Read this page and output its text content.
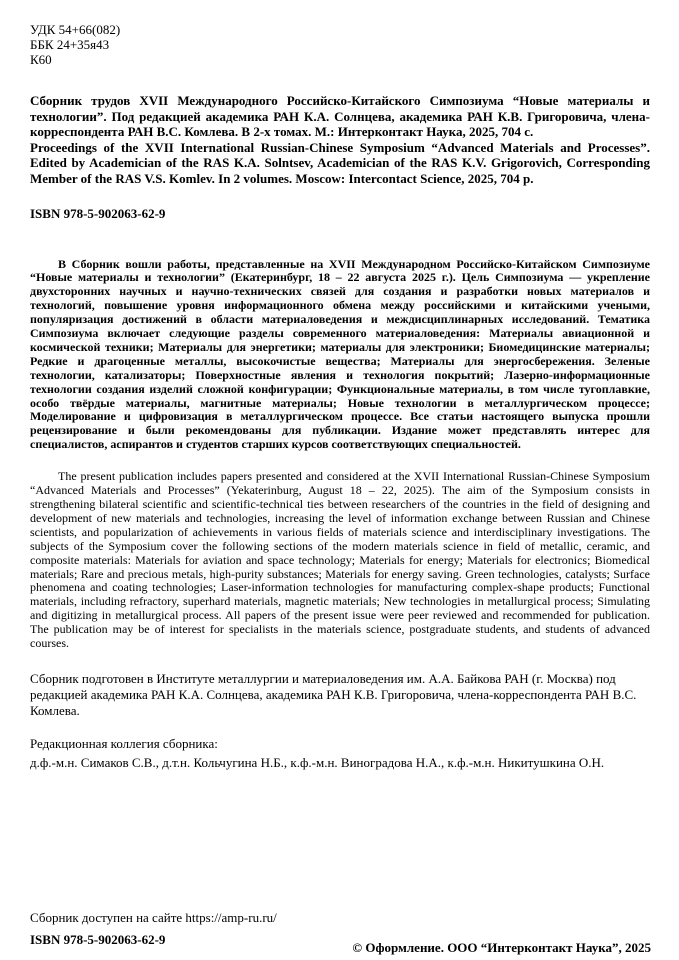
УДК 54+66(082)
ББК 24+35я43
К60

Сборник трудов XVII Международного Российско-Китайского Симпозиума “Новые материалы и технологии”. Под редакцией академика РАН К.А. Солнцева, академика РАН К.В. Григоровича, члена-корреспондента РАН В.С. Комлева. В 2-х томах. М.: Интерконтакт Наука, 2025, 704 с.

Proceedings of the XVII International Russian-Chinese Symposium “Advanced Materials and Processes”. Edited by Academician of the RAS K.A. Solntsev, Academician of the RAS K.V. Grigorovich, Corresponding Member of the RAS V.S. Komlev. In 2 volumes. Moscow: Intercontact Science, 2025, 704 p.

ISBN 978-5-902063-62-9

В Сборник вошли работы, представленные на XVII Международном Российско-Китайском Симпозиуме “Новые материалы и технологии” (Екатеринбург, 18 – 22 августа 2025 г.). Цель Симпозиума — укрепление двухсторонних научных и научно-технических связей для создания и разработки новых материалов и технологий, повышение уровня информационного обмена между российскими и китайскими учеными, популяризация достижений в области материаловедения и междисциплинарных исследований. Тематика Симпозиума включает следующие разделы современного материаловедения: Материалы авиационной и космической техники; Материалы для энергетики; материалы для электроники; Биомедицинские материалы; Редкие и драгоценные металлы, высокочистые вещества; Материалы для энергосбережения. Зеленые технологии, катализаторы; Поверхностные явления и технология покрытий; Лазерно-информационные технологии создания изделий сложной конфигурации; Функциональные материалы, в том числе тугоплавкие, особо твёрдые материалы, магнитные материалы; Новые технологии в металлургическом процессе; Моделирование и цифровизация в металлургическом процессе. Все статьи настоящего выпуска прошли рецензирование и были рекомендованы для публикации. Издание может представлять интерес для специалистов, аспирантов и студентов старших курсов соответствующих специальностей.

The present publication includes papers presented and considered at the XVII International Russian-Chinese Symposium “Advanced Materials and Processes” (Yekaterinburg, August 18 – 22, 2025). The aim of the Symposium consists in strengthening bilateral scientific and scientific-technical ties between researchers of the countries in the field of designing and development of new materials and technologies, increasing the level of information exchange between Russian and Chinese scientists, and popularization of achievements in various fields of materials science and interdisciplinary investigations. The subjects of the Symposium cover the following sections of the modern materials science in field of metallic, ceramic, and composite materials: Materials for aviation and space technology; Materials for energy; Materials for electronics; Biomedical materials; Rare and precious metals, high-purity substances; Materials for energy saving. Green technologies, catalysts; Surface phenomena and coating technologies; Laser-information technologies for manufacturing complex-shape products; Functional materials, including refractory, superhard materials, magnetic materials; New technologies in metallurgical process; Simulating and digitizing in metallurgical process. All papers of the present issue were peer reviewed and recommended for publication. The publication may be of interest for specialists in the materials science, postgraduate students, and students of advanced courses.

Сборник подготовен в Институте металлургии и материаловедения им. А.А. Байкова РАН (г. Москва) под редакцией академика РАН К.А. Солнцева, академика РАН К.В. Григоровича, члена-корреспондента РАН В.С. Комлева.

Редакционная коллегия сборника:
д.ф.-м.н. Симаков С.В., д.т.н. Кольчугина Н.Б., к.ф.-м.н. Виноградова Н.А., к.ф.-м.н. Никитушкина О.Н.
Сборник доступен на сайте https://amp-ru.ru/
ISBN 978-5-902063-62-9
© Оформление. ООО “Интерконтакт Наука”, 2025
